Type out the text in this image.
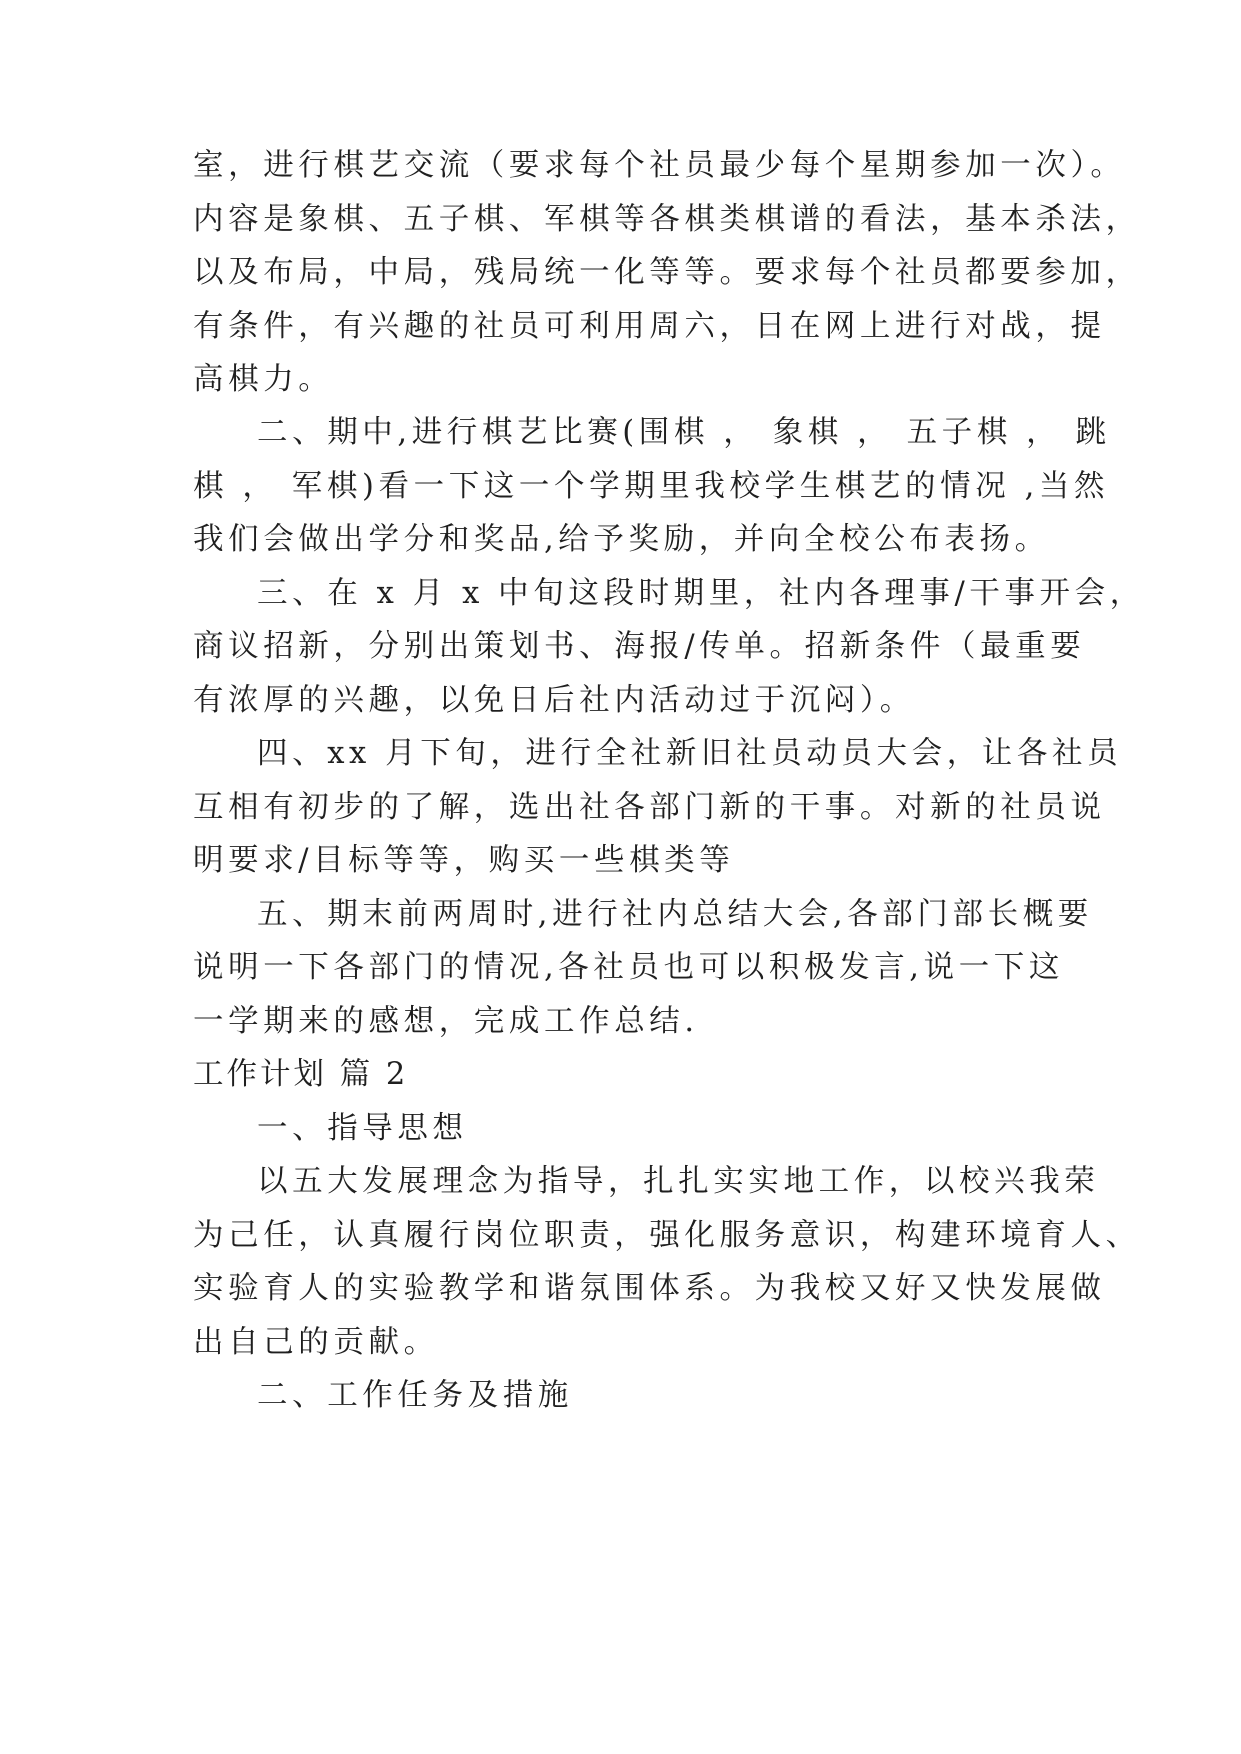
室，进行棋艺交流（要求每个社员最少每个星期参加一次）。
内容是象棋、五子棋、军棋等各棋类棋谱的看法，基本杀法，
以及布局，中局，残局统一化等等。要求每个社员都要参加，
有条件，有兴趣的社员可利用周六，日在网上进行对战，提
高棋力。
二、期中,进行棋艺比赛(围棋 ， 象棋 ， 五子棋 ， 跳
棋 ， 军棋)看一下这一个学期里我校学生棋艺的情况 ,当然
我们会做出学分和奖品,给予奖励，并向全校公布表扬。
三、在 x 月 x 中旬这段时期里，社内各理事/干事开会，
商议招新，分别出策划书、海报/传单。招新条件（最重要
有浓厚的兴趣，以免日后社内活动过于沉闷）。
四、xx 月下旬，进行全社新旧社员动员大会，让各社员
互相有初步的了解，选出社各部门新的干事。对新的社员说
明要求/目标等等，购买一些棋类等
五、期末前两周时,进行社内总结大会,各部门部长概要
说明一下各部门的情况,各社员也可以积极发言,说一下这
一学期来的感想，完成工作总结.
工作计划 篇 2
一、指导思想
以五大发展理念为指导，扎扎实实地工作，以校兴我荣
为己任，认真履行岗位职责，强化服务意识，构建环境育人、
实验育人的实验教学和谐氛围体系。为我校又好又快发展做
出自己的贡献。
二、工作任务及措施
